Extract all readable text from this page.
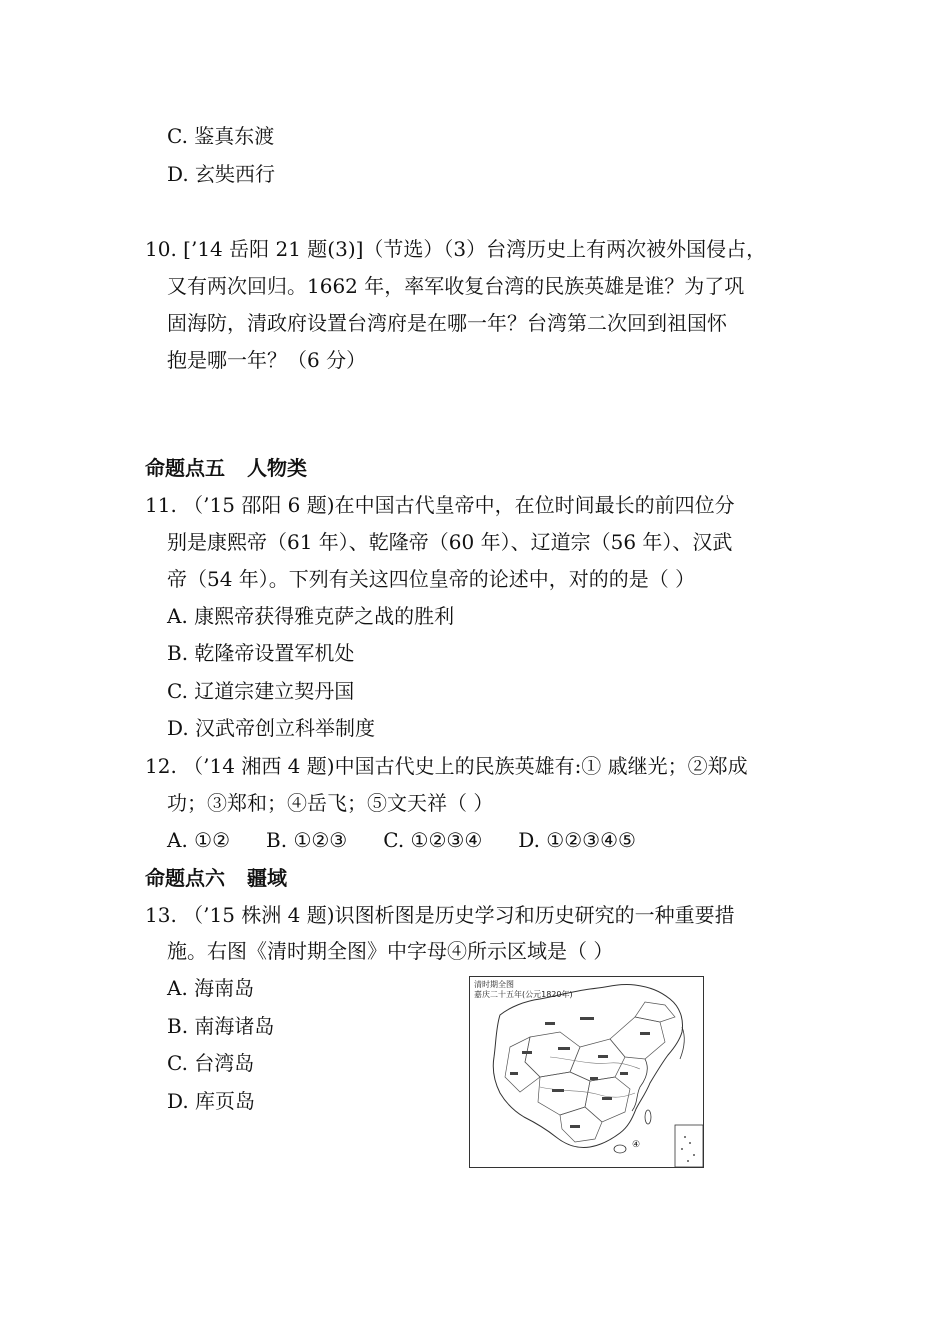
C. 鉴真东渡
D. 玄奘西行
10. [’14 岳阳 21 题(3)]（节选）（3）台湾历史上有两次被外国侵占，
又有两次回归。1662 年，率军收复台湾的民族英雄是谁？为了巩
固海防，清政府设置台湾府是在哪一年？台湾第二次回到祖国怀
抱是哪一年？（6 分）
命题点五 人物类
11. （’15 邵阳 6 题)在中国古代皇帝中，在位时间最长的前四位分
别是康熙帝（61 年）、乾隆帝（60 年）、辽道宗（56 年）、汉武
帝（54 年）。下列有关这四位皇帝的论述中，对的的是（ ）
A. 康熙帝获得雅克萨之战的胜利
B. 乾隆帝设置军机处
C. 辽道宗建立契丹国
D. 汉武帝创立科举制度
12. （’14 湘西 4 题)中国古代史上的民族英雄有:① 戚继光；②郑成
功；③郑和；④岳飞；⑤文天祥（ ）
A. ①② B. ①②③ C. ①②③④ D. ①②③④⑤
命题点六 疆域
13. （’15 株洲 4 题)识图析图是历史学习和历史研究的一种重要措
施。右图《清时期全图》中字母④所示区域是（ ）
A. 海南岛
B. 南海诸岛
C. 台湾岛
D. 库页岛
清时期全图
嘉庆二十五年(公元1820年)
④
